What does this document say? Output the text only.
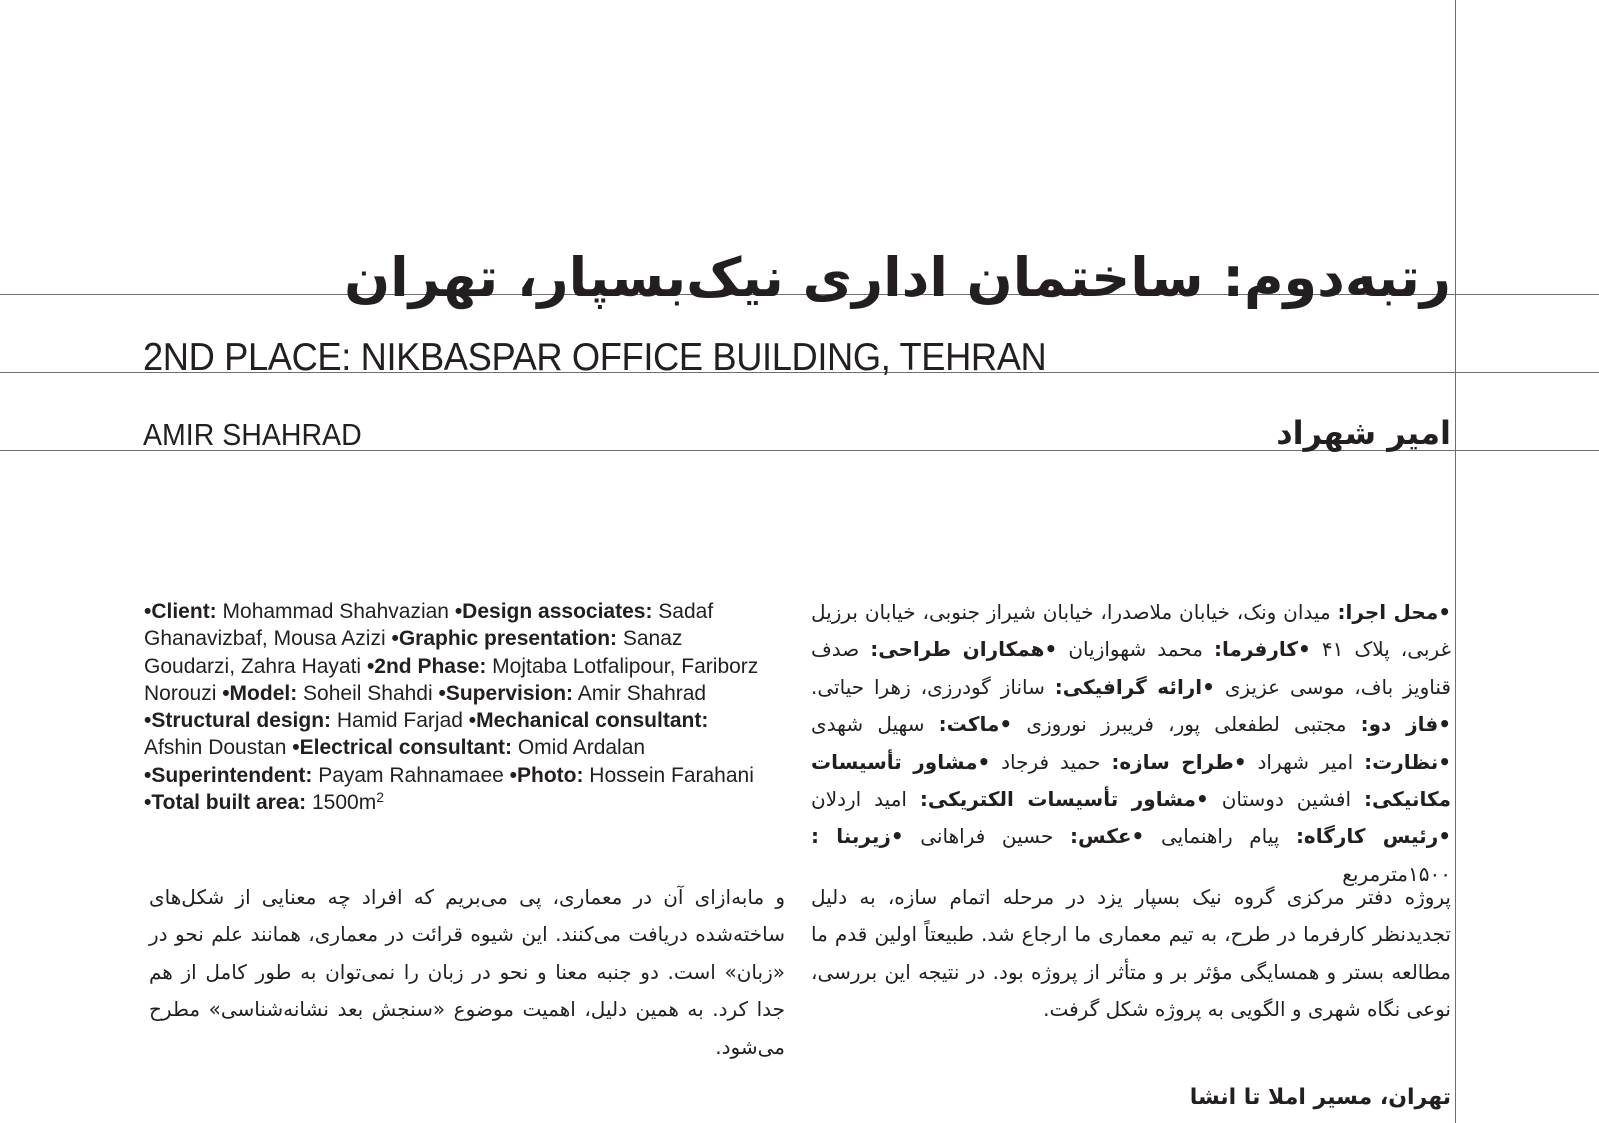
رتبه‌دوم: ساختمان اداری نیک‌بسپار، تهران
2ND PLACE: NIKBASPAR OFFICE BUILDING, TEHRAN
AMIR SHAHRAD	امیر شهراد
•Client: Mohammad Shahvazian •Design associates: Sadaf Ghanavizbaf, Mousa Azizi •Graphic presentation: Sanaz Goudarzi, Zahra Hayati •2nd Phase: Mojtaba Lotfalipour, Fariborz Norouzi •Model: Soheil Shahdi •Supervision: Amir Shahrad •Structural design: Hamid Farjad •Mechanical consultant: Afshin Doustan •Electrical consultant: Omid Ardalan •Superintendent: Payam Rahnamaee •Photo: Hossein Farahani •Total built area: $1500m^2$
•محل اجرا: میدان ونک، خیابان ملاصدرا، خیابان شیراز جنوبی، خیابان برزیل غربی، پلاک ۴۱ •کارفرما: محمد شهوازیان •همکاران طراحی: صدف قناویز باف، موسی عزیزی •ارائه گرافیکی: ساناز گودرزی، زهرا حیاتی. •فاز دو: مجتبی لطفعلی پور، فریبرز نوروزی •ماکت: سهیل شهدی •نظارت: امیر شهراد •طراح سازه: حمید فرجاد •مشاور تأسیسات مکانیکی: افشین دوستان •مشاور تأسیسات الکتریکی: امید اردلان •رئیس کارگاه: پیام راهنمایی •عکس: حسین فراهانی •زیربنا : ۱۵۰۰مترمربع

و مابه‌ازای آن در معماری، پی می‌بریم که افراد چه معنایی از شکل‌های ساخته‌شده دریافت می‌کنند. این شیوه قرائت در معماری، همانند علم نحو در «زبان» است. دو جنبه معنا و نحو در زبان را نمی‌توان به طور کامل از هم جدا کرد. به همین دلیل، اهمیت موضوع «سنجش بعد نشانه‌شناسی» مطرح می‌شود.

پروژه دفتر مرکزی گروه نیک بسپار یزد در مرحله اتمام سازه، به دلیل تجدیدنظر کارفرما در طرح، به تیم معماری ما ارجاع شد. طبیعتاً اولین قدم ما مطالعه بستر و همسایگی مؤثر بر و متأثر از پروژه بود. در نتیجه این بررسی، نوعی نگاه شهری و الگویی به پروژه شکل گرفت.

تهران، مسیر املا تا انشا
